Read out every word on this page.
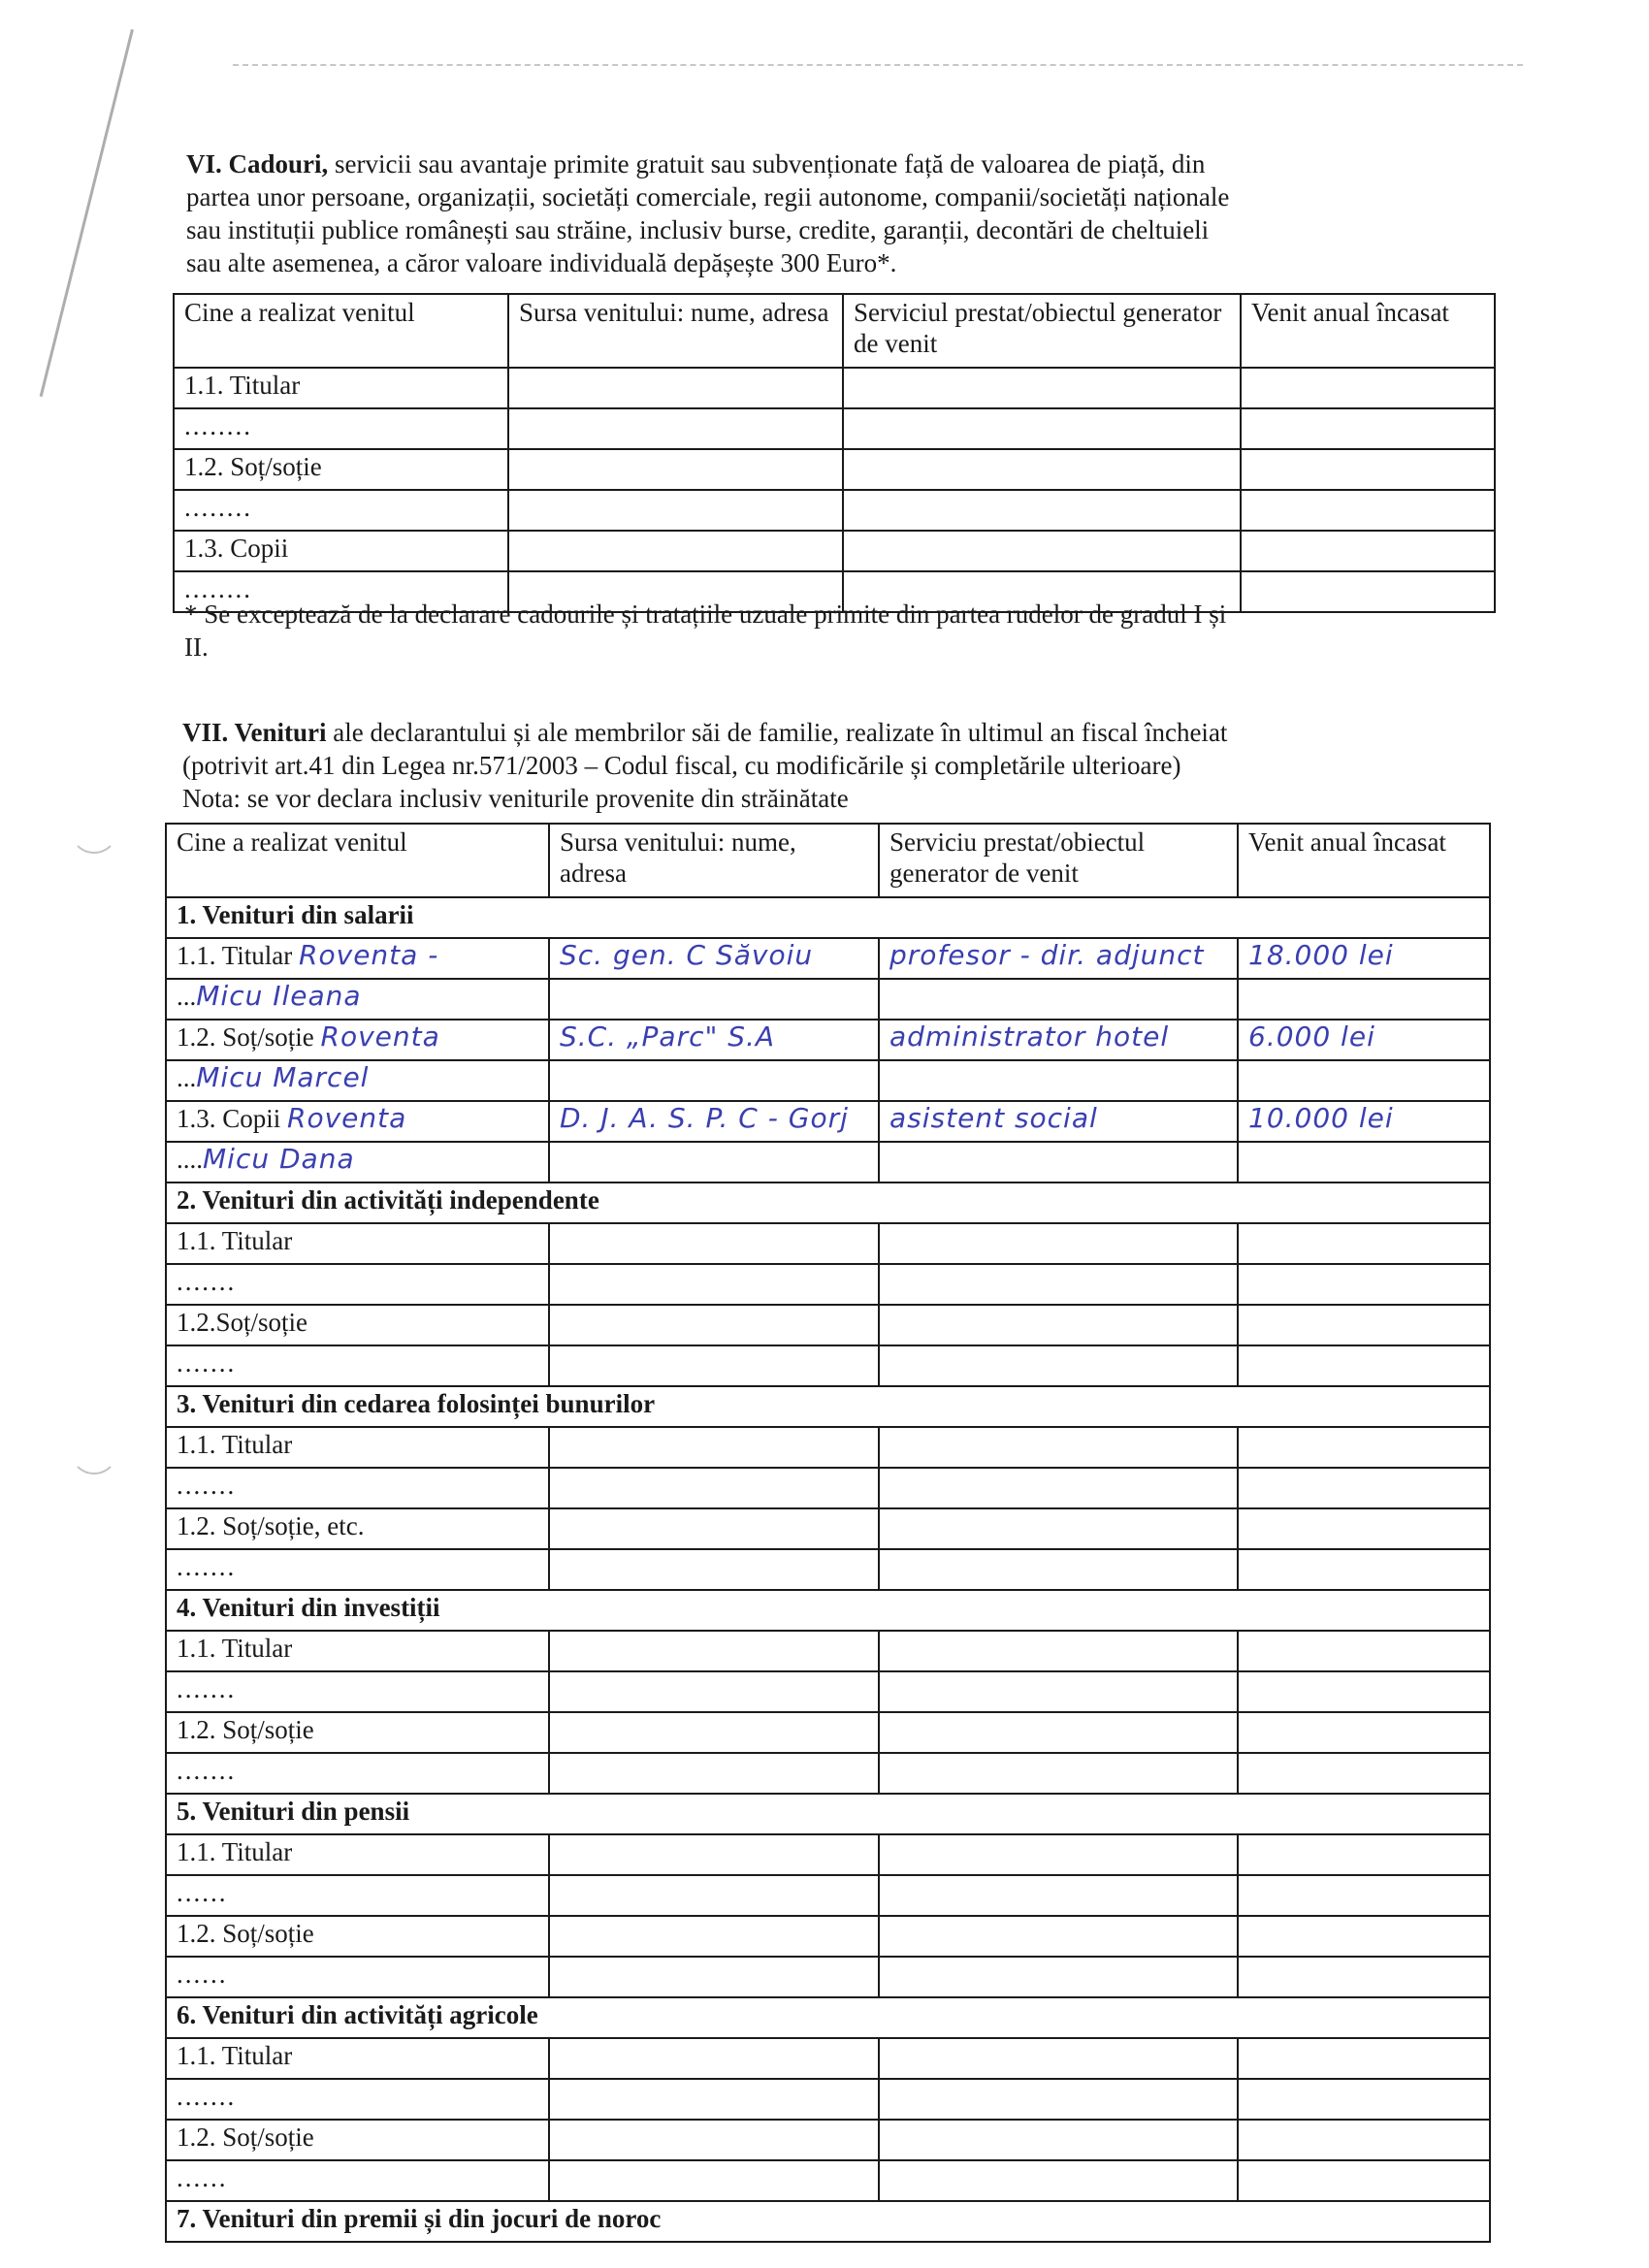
VI. Cadouri, servicii sau avantaje primite gratuit sau subvenționate față de valoarea de piață, din
partea unor persoane, organizații, societăți comerciale, regii autonome, companii/societăți naționale
sau instituții publice românești sau străine, inclusiv burse, credite, garanții, decontări de cheltuieli
sau alte asemenea, a căror valoare individuală depășește 300 Euro*.
Cine a realizat venitul	Sursa venitului: nume, adresa	Serviciul prestat/obiectul generator de venit	Venit anual încasat
1.1. Titular			
........			
1.2. Soț/soție			
........			
1.3. Copii			
........			
* Se exceptează de la declarare cadourile și tratațiile uzuale primite din partea rudelor de gradul I și
II.
VII. Venituri ale declarantului și ale membrilor săi de familie, realizate în ultimul an fiscal încheiat
(potrivit art.41 din Legea nr.571/2003 – Codul fiscal, cu modificările și completările ulterioare)
Nota: se vor declara inclusiv veniturile provenite din străinătate
Cine a realizat venitul	Sursa venitului: nume, adresa	Serviciu prestat/obiectul generator de venit	Venit anual încasat
1. Venituri din salarii			
1.1. Titular Roventa -	Sc. gen. C Săvoiu	profesor - dir. adjunct	18.000 lei
...Micu Ileana			
1.2. Soț/soție Roventa	S.C. „Parc" S.A	administrator hotel	6.000 lei
...Micu Marcel			
1.3. Copii Roventa	D. J. A. S. P. C - Gorj	asistent social	10.000 lei
....Micu Dana			
2. Venituri din activități independente			
1.1. Titular			
.......			
1.2.Soț/soție			
.......			
3. Venituri din cedarea folosinței bunurilor			
1.1. Titular			
.......			
1.2. Soț/soție, etc.			
.......			
4. Venituri din investiții			
1.1. Titular			
.......			
1.2. Soț/soție			
.......			
5. Venituri din pensii			
1.1. Titular			
......			
1.2. Soț/soție			
......			
6. Venituri din activități agricole			
1.1. Titular			
.......			
1.2. Soț/soție			
......			
7. Venituri din premii și din jocuri de noroc			
